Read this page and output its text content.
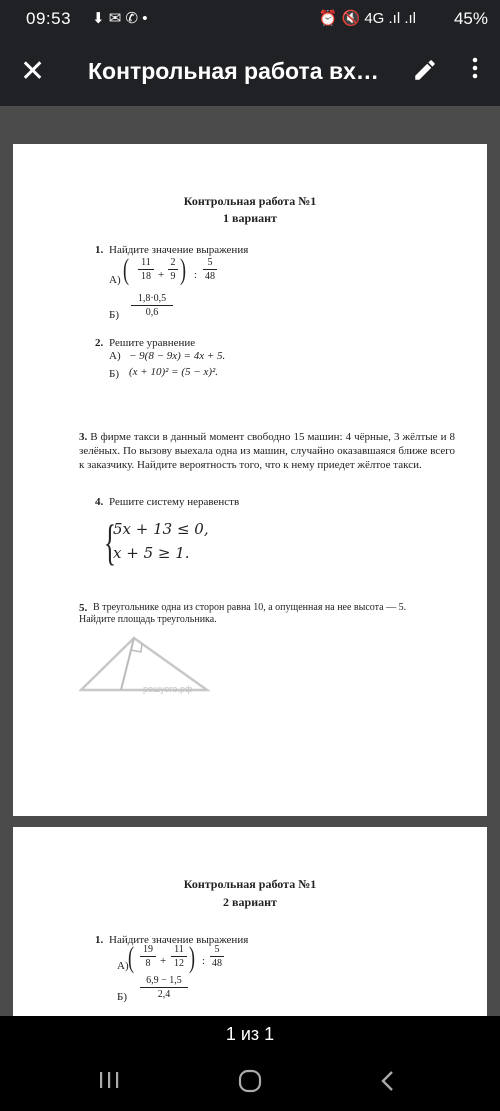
09:53 ⬇ ✉ ✆ •	⏰ 🔇 4G .ıl .ıl 45%
✕ Контрольная работа вх…
Контрольная работа №1
1 вариант
1. Найдите значение выражения
А) (	11
18 +
2
9 ) :
5
48
Б)
1,8·0,5
0,6
2. Решите уравнение
А) − 9(8 − 9x) = 4x + 5.
Б) (x + 10)² = (5 − x)².
3. В фирме такси в данный момент свободно 15 машин: 4 чёрные, 3 жёлтые и 8 зелёных. По вызову выехала одна из машин, случайно оказавшаяся ближе всего к заказчику. Найдите вероятность того, что к нему приедет жёлтое такси.
4. Решите систему неравенств
{
5x + 13 ≤ 0,
x + 5 ≥ 1.
5. В треугольнике одна из сторон равна 10, а опущенная на нее высота — 5.
Найдите площадь треугольника.
решуогэ.рф
Контрольная работа №1
2 вариант
1. Найдите значение выражения
А) ( 19
8 +
11
12 ) :
5
48
Б)
6,9 − 1,5
2,4
1 из 1
